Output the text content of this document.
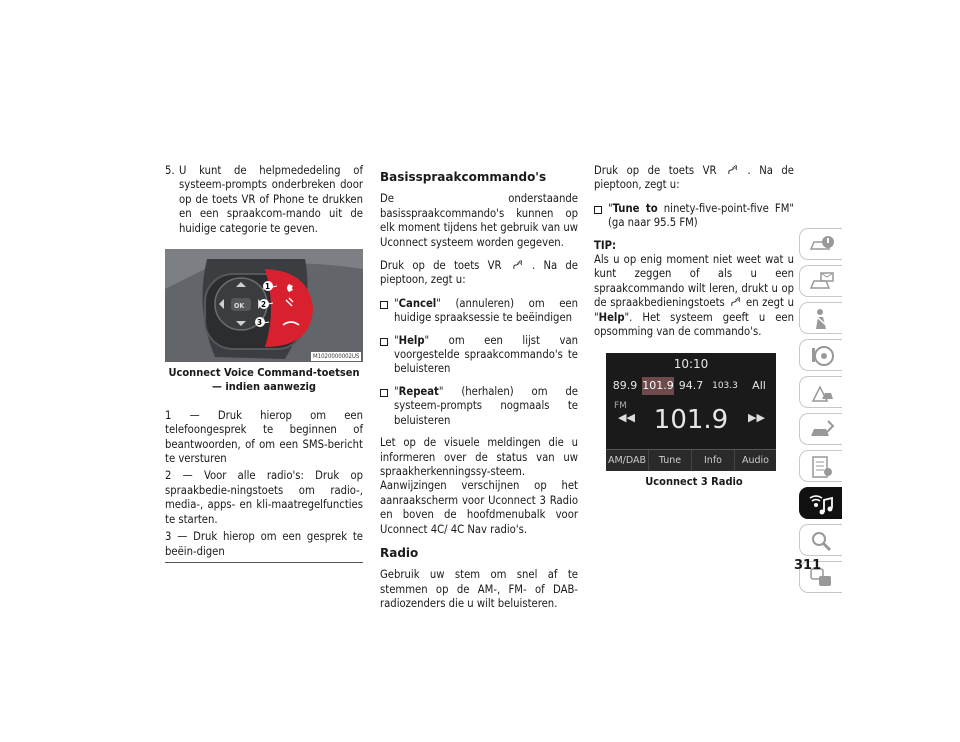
5. U kunt de helpmededeling of systeem-prompts onderbreken door op de toets VR of Phone te drukken en een spraakcom-mando uit de huidige categorie te geven.
1
2
3
OK
M1020000002US
Uconnect Voice Command-toetsen — indien aanwezig

1 — Druk hierop om een telefoongesprek te beginnen of beantwoorden, of om een SMS-bericht te versturen

2 — Voor alle radio's: Druk op spraakbedie-ningstoets om radio-, media-, apps- en kli-maatregelfuncties te starten.

3 — Druk hierop om een gesprek te beëin-digen

Basisspraakcommando's

De onderstaande basisspraakcommando's kunnen op elk moment tijdens het gebruik van uw Uconnect systeem worden gegeven.

Druk op de toets VR	. Na de pieptoon, zegt u:

"Cancel" (annuleren) om een huidige spraaksessie te beëindigen
"Help" om een lijst van voorgestelde spraakcommando's te beluisteren
"Repeat" (herhalen) om de systeem-prompts nogmaals te beluisteren

Let op de visuele meldingen die u informeren over de status van uw spraakherkenningssy-steem. Aanwijzingen verschijnen op het aanraakscherm voor Uconnect 3 Radio en boven de hoofdmenubalk voor Uconnect 4C/ 4C Nav radio's.

Radio

Gebruik uw stem om snel af te stemmen op de AM-, FM- of DAB-radiozenders die u wilt beluisteren.

Druk op de toets VR	. Na de pieptoon, zegt u:

"Tune to ninety-five-point-five FM" (ga naar 95.5 FM)
TIP:

Als u op enig moment niet weet wat u kunt zeggen of als u een spraakcommando wilt leren, drukt u op de spraakbedieningstoets  en zegt u "Help". Het systeem geeft u een opsomming van de commando's.

10:10
89.9 101.9 94.7 103.3	All
FM
◀◀ 101.9	▶▶
AM/DAB	Tune	Info	Audio
Uconnect 3 Radio
311
